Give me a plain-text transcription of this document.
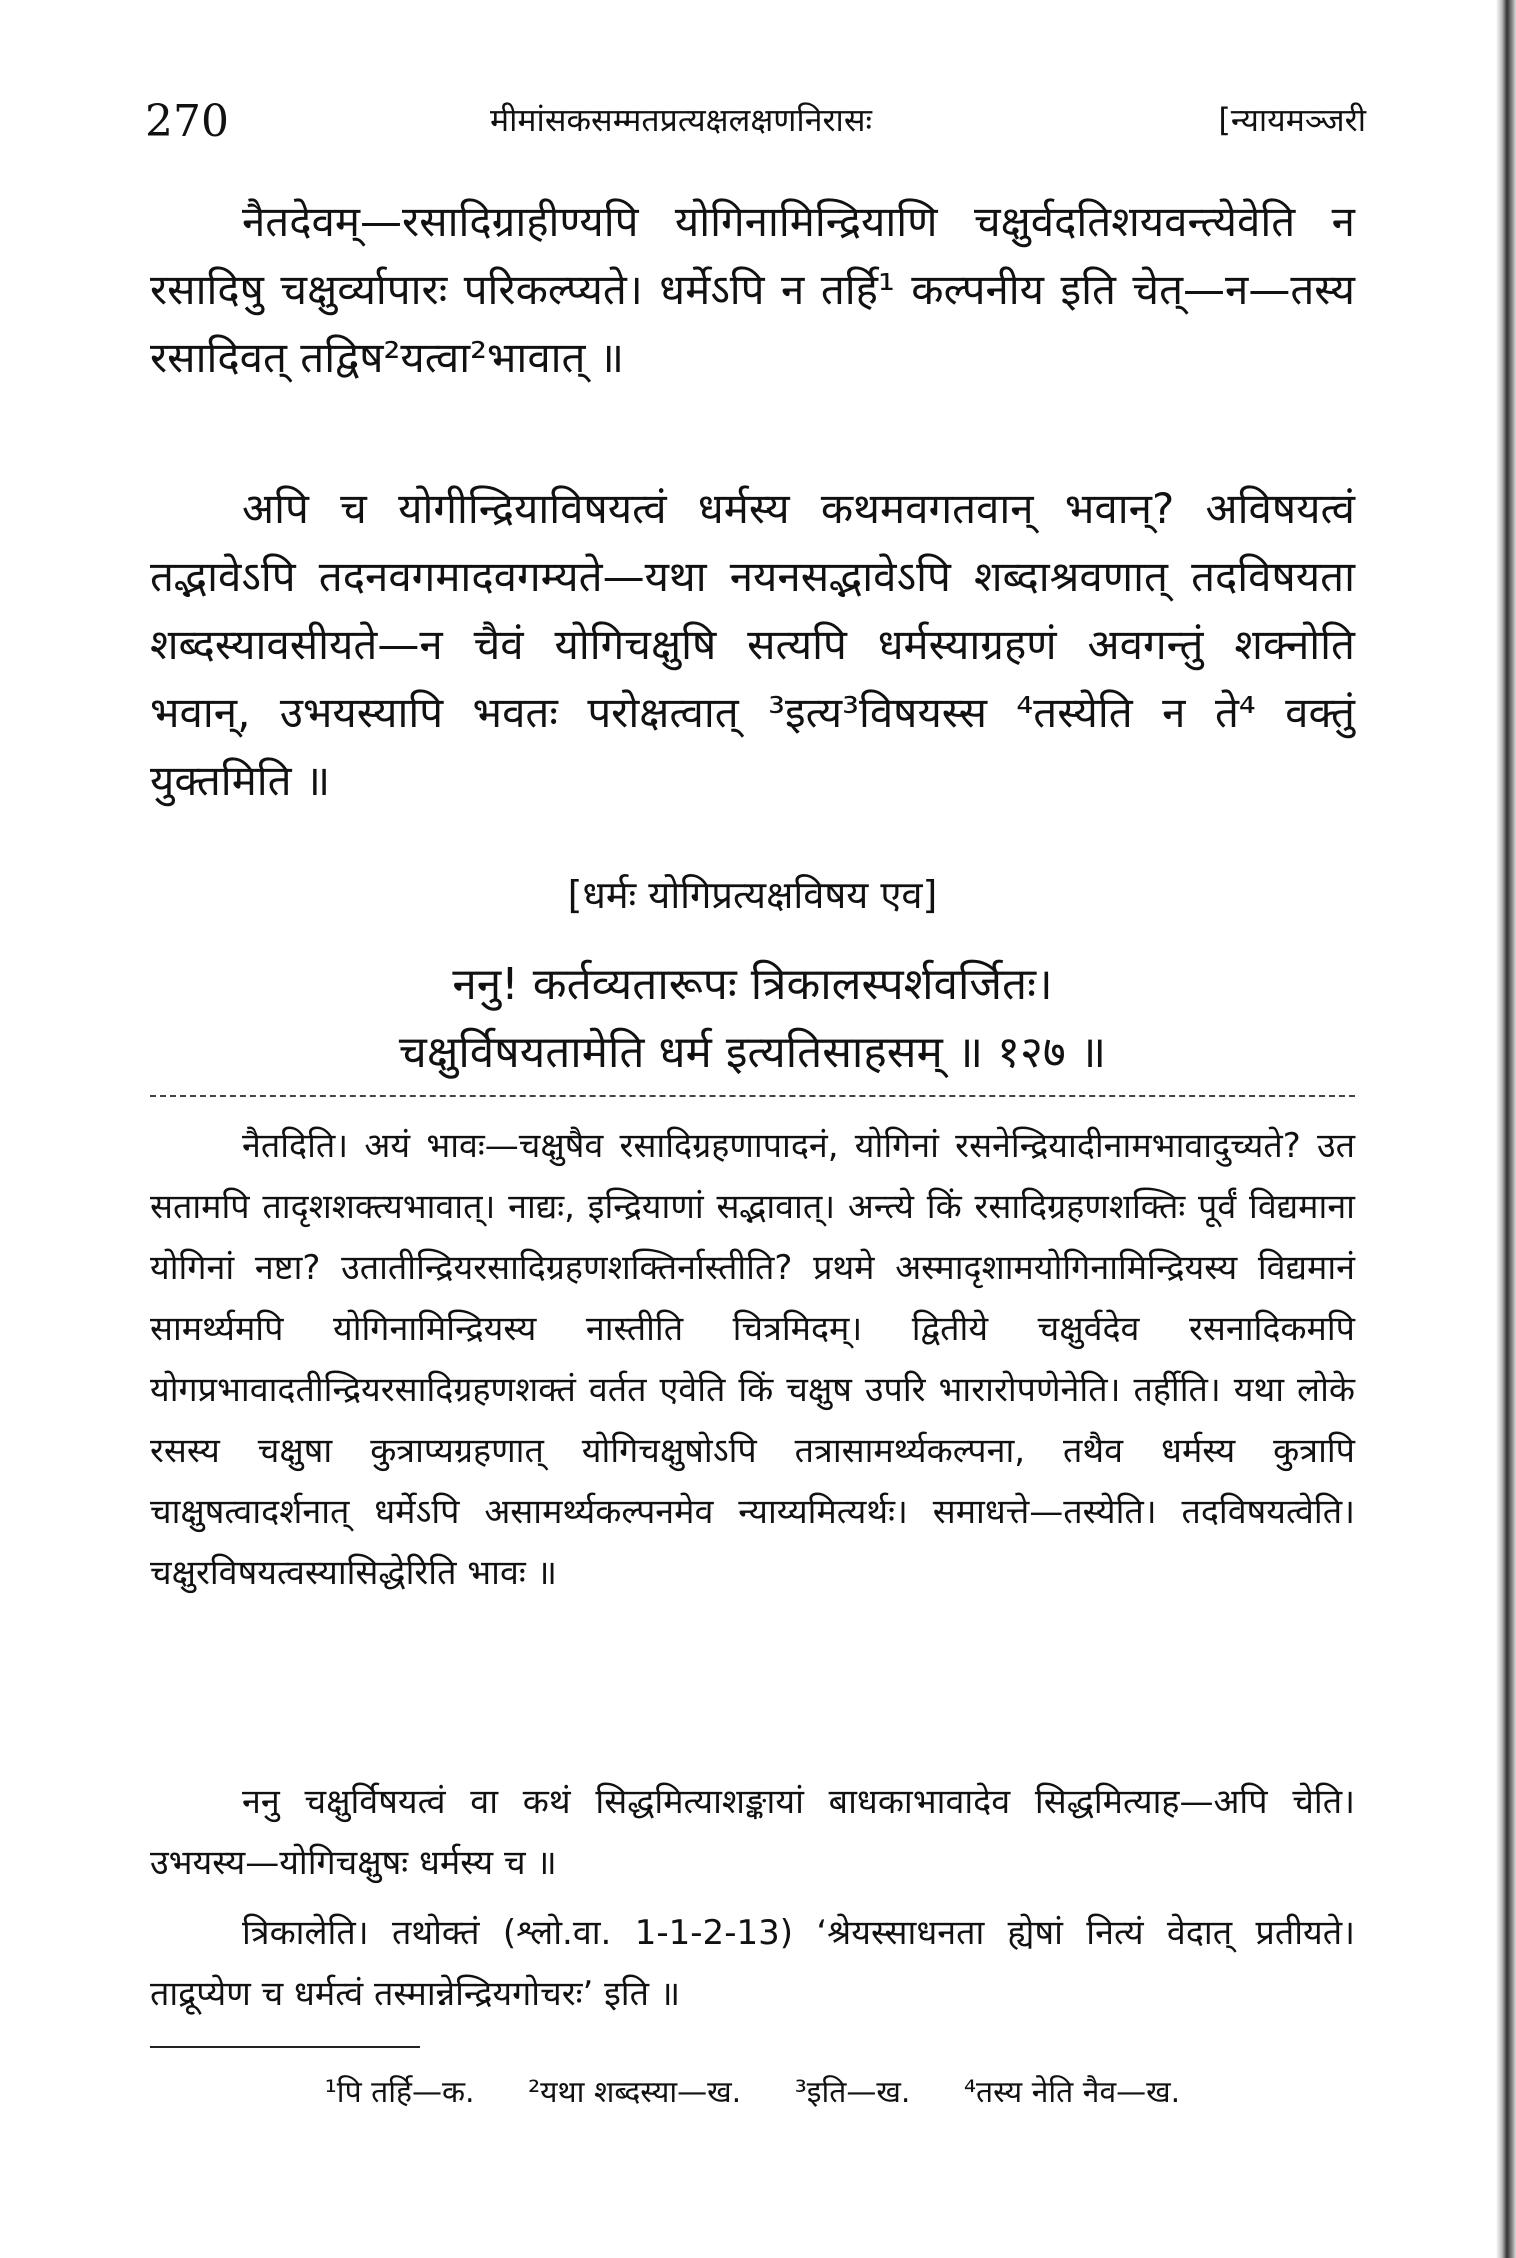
270	मीमांसकसम्मतप्रत्यक्षलक्षणनिरासः	[न्यायमञ्जरी
नैतदेवम्—रसादिग्राहीण्यपि योगिनामिन्द्रियाणि चक्षुर्वदतिशयवन्त्येवेति न रसादिषु चक्षुर्व्यापारः परिकल्प्यते। धर्मेऽपि न तर्हि¹ कल्पनीय इति चेत्—न—तस्य रसादिवत् तद्विष²यत्वा²भावात् ॥
अपि च योगीन्द्रियाविषयत्वं धर्मस्य कथमवगतवान् भवान्? अविषयत्वं तद्भावेऽपि तदनवगमादवगम्यते—यथा नयनसद्भावेऽपि शब्दाश्रवणात् तदविषयता शब्दस्यावसीयते—न चैवं योगिचक्षुषि सत्यपि धर्मस्याग्रहणं अवगन्तुं शक्नोति भवान्, उभयस्यापि भवतः परोक्षत्वात् ³इत्य³विषयस्स ⁴तस्येति न ते⁴ वक्तुं युक्तमिति ॥
[धर्मः योगिप्रत्यक्षविषय एव]
ननु! कर्तव्यतारूपः त्रिकालस्पर्शवर्जितः।
चक्षुर्विषयतामेति धर्म इत्यतिसाहसम् ॥ १२७ ॥
नैतदिति। अयं भावः—चक्षुषैव रसादिग्रहणापादनं, योगिनां रसनेन्द्रियादीनामभावादुच्यते? उत सतामपि तादृशशक्त्यभावात्। नाद्यः, इन्द्रियाणां सद्भावात्। अन्त्ये किं रसादिग्रहणशक्तिः पूर्वं विद्यमाना योगिनां नष्टा? उतातीन्द्रियरसादिग्रहणशक्तिर्नास्तीति? प्रथमे अस्मादृशामयोगिनामिन्द्रियस्य विद्यमानं सामर्थ्यमपि योगिनामिन्द्रियस्य नास्तीति चित्रमिदम्। द्वितीये चक्षुर्वदेव रसनादिकमपि योगप्रभावादतीन्द्रियरसादिग्रहणशक्तं वर्तत एवेति किं चक्षुष उपरि भारारोपणेनेति। तर्हीति। यथा लोके रसस्य चक्षुषा कुत्राप्यग्रहणात् योगिचक्षुषोऽपि तत्रासामर्थ्यकल्पना, तथैव धर्मस्य कुत्रापि चाक्षुषत्वादर्शनात् धर्मेऽपि असामर्थ्यकल्पनमेव न्याय्यमित्यर्थः। समाधत्ते—तस्येति। तदविषयत्वेति। चक्षुरविषयत्वस्यासिद्धेरिति भावः ॥
ननु चक्षुर्विषयत्वं वा कथं सिद्धमित्याशङ्कायां बाधकाभावादेव सिद्धमित्याह—अपि चेति। उभयस्य—योगिचक्षुषः धर्मस्य च ॥
त्रिकालेति। तथोक्तं (श्लो.वा. 1-1-2-13) ‘श्रेयस्साधनता ह्येषां नित्यं वेदात् प्रतीयते। ताद्रूप्येण च धर्मत्वं तस्मान्नेन्द्रियगोचरः’ इति ॥
¹पि तर्हि—क. ²यथा शब्दस्या—ख. ³इति—ख. ⁴तस्य नेति नैव—ख.
